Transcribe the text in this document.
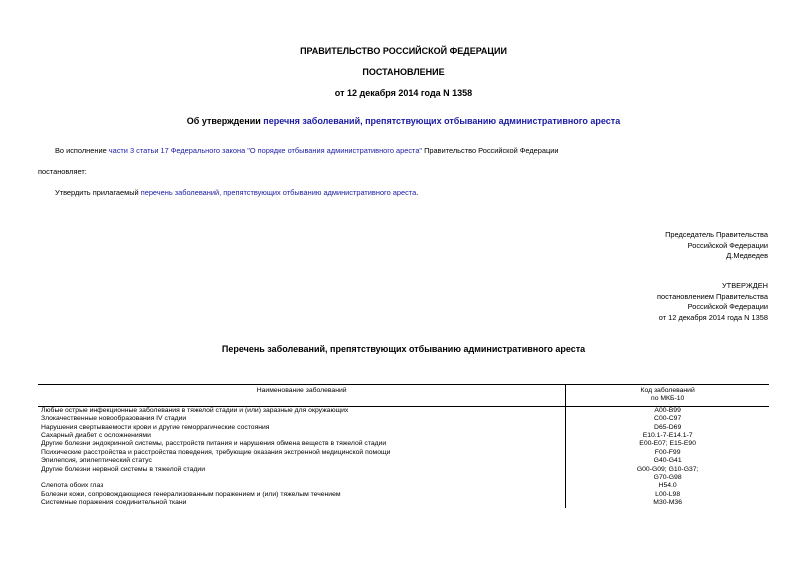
ПРАВИТЕЛЬСТВО РОССИЙСКОЙ ФЕДЕРАЦИИ
ПОСТАНОВЛЕНИЕ
от 12 декабря 2014 года N 1358
Об утверждении перечня заболеваний, препятствующих отбыванию административного ареста
Во исполнение части 3 статьи 17 Федерального закона "О порядке отбывания административного ареста" Правительство Российской Федерации
постановляет:
Утвердить прилагаемый перечень заболеваний, препятствующих отбыванию административного ареста.
Председатель Правительства
Российской Федерации
Д.Медведев
УТВЕРЖДЕН
постановлением Правительства
Российской Федерации
от 12 декабря 2014 года N 1358
Перечень заболеваний, препятствующих отбыванию административного ареста
Наименование заболеваний	Код заболеваний
по МКБ-10

Любые острые инфекционные заболевания в тяжелой стадии и (или) заразные для окружающих	A00-B99
Злокачественные новообразования IV стадии	C00-C97
Нарушения свертываемости крови и другие геморрагические состояния	D65-D69
Сахарный диабет с осложнениями	E10.1-7-E14.1-7
Другие болезни эндокринной системы, расстройств питания и нарушения обмена веществ в тяжелой стадии	E00-E07; E15-E90
Психические расстройства и расстройства поведения, требующие оказания экстренной медицинской помощи	F00-F99
Эпилепсия, эпилептический статус	G40-G41
Другие болезни нервной системы в тяжелой стадии	G00-G09; G10-G37;
G70-G98

Слепота обоих глаз	H54.0
Болезни кожи, сопровождающиеся генерализованным поражением и (или) тяжелым течением	L00-L98
Системные поражения соединительной ткани	M30-M36
